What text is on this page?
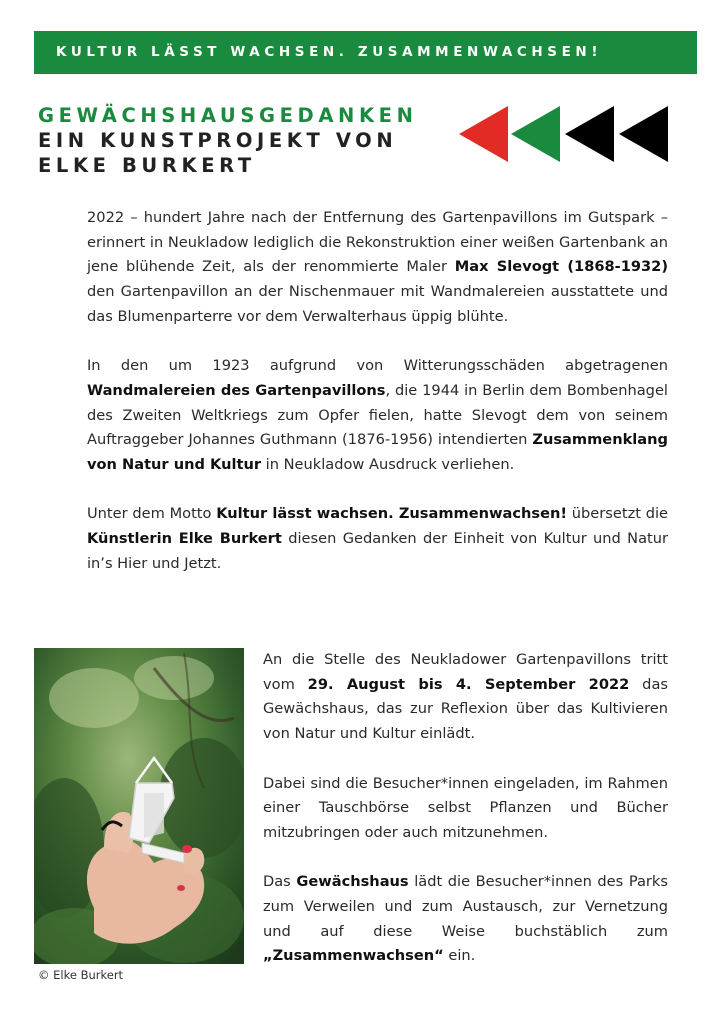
KULTUR LÄSST WACHSEN. ZUSAMMENWACHSEN!
GEWÄCHSHAUSGEDANKEN
EIN KUNSTPROJEKT VON
ELKE BURKERT

2022 – hundert Jahre nach der Entfernung des Gartenpavillons im Gutspark – erinnert in Neukladow lediglich die Rekonstruktion einer weißen Gartenbank an jene blühende Zeit, als der renommierte Maler Max Slevogt (1868-1932) den Gartenpavillon an der Nischenmauer mit Wandmalereien ausstattete und das Blumenparterre vor dem Verwalterhaus üppig blühte.

In den um 1923 aufgrund von Witterungsschäden abgetragenen Wandmalereien des Gartenpavillons, die 1944 in Berlin dem Bombenhagel des Zweiten Weltkriegs zum Opfer fielen, hatte Slevogt dem von seinem Auftraggeber Johannes Guthmann (1876-1956) intendierten Zusammenklang von Natur und Kultur in Neukladow Ausdruck verliehen.

Unter dem Motto Kultur lässt wachsen. Zusammenwachsen! übersetzt die Künstlerin Elke Burkert diesen Gedanken der Einheit von Kultur und Natur in’s Hier und Jetzt.

© Elke Burkert

An die Stelle des Neukladower Gartenpavillons tritt vom 29. August bis 4. September 2022 das Gewächshaus, das zur Reflexion über das Kultivieren von Natur und Kultur einlädt.

Dabei sind die Besucher*innen eingeladen, im Rahmen einer Tauschbörse selbst Pflanzen und Bücher mitzubringen oder auch mitzunehmen.

Das Gewächshaus lädt die Besucher*innen des Parks zum Verweilen und zum Austausch, zur Vernetzung und auf diese Weise buchstäblich zum „Zusammenwachsen“ ein.
